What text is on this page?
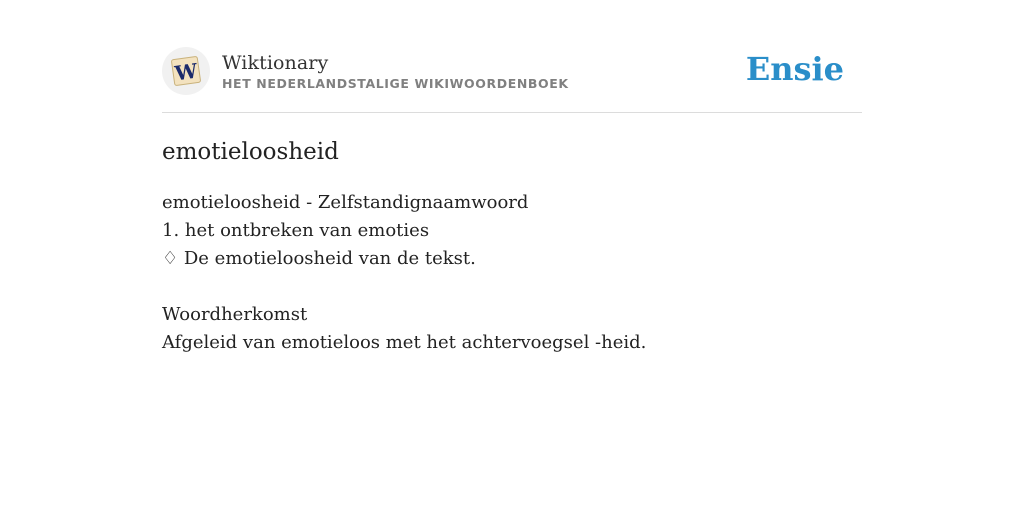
W Wiktionary
HET NEDERLANDSTALIGE WIKIWOORDENBOEK	Ensie
emotieloosheid

emotieloosheid - Zelfstandignaamwoord

1. het ontbreken van emoties

♢ De emotieloosheid van de tekst.

Woordherkomst

Afgeleid van emotieloos met het achtervoegsel -heid.
